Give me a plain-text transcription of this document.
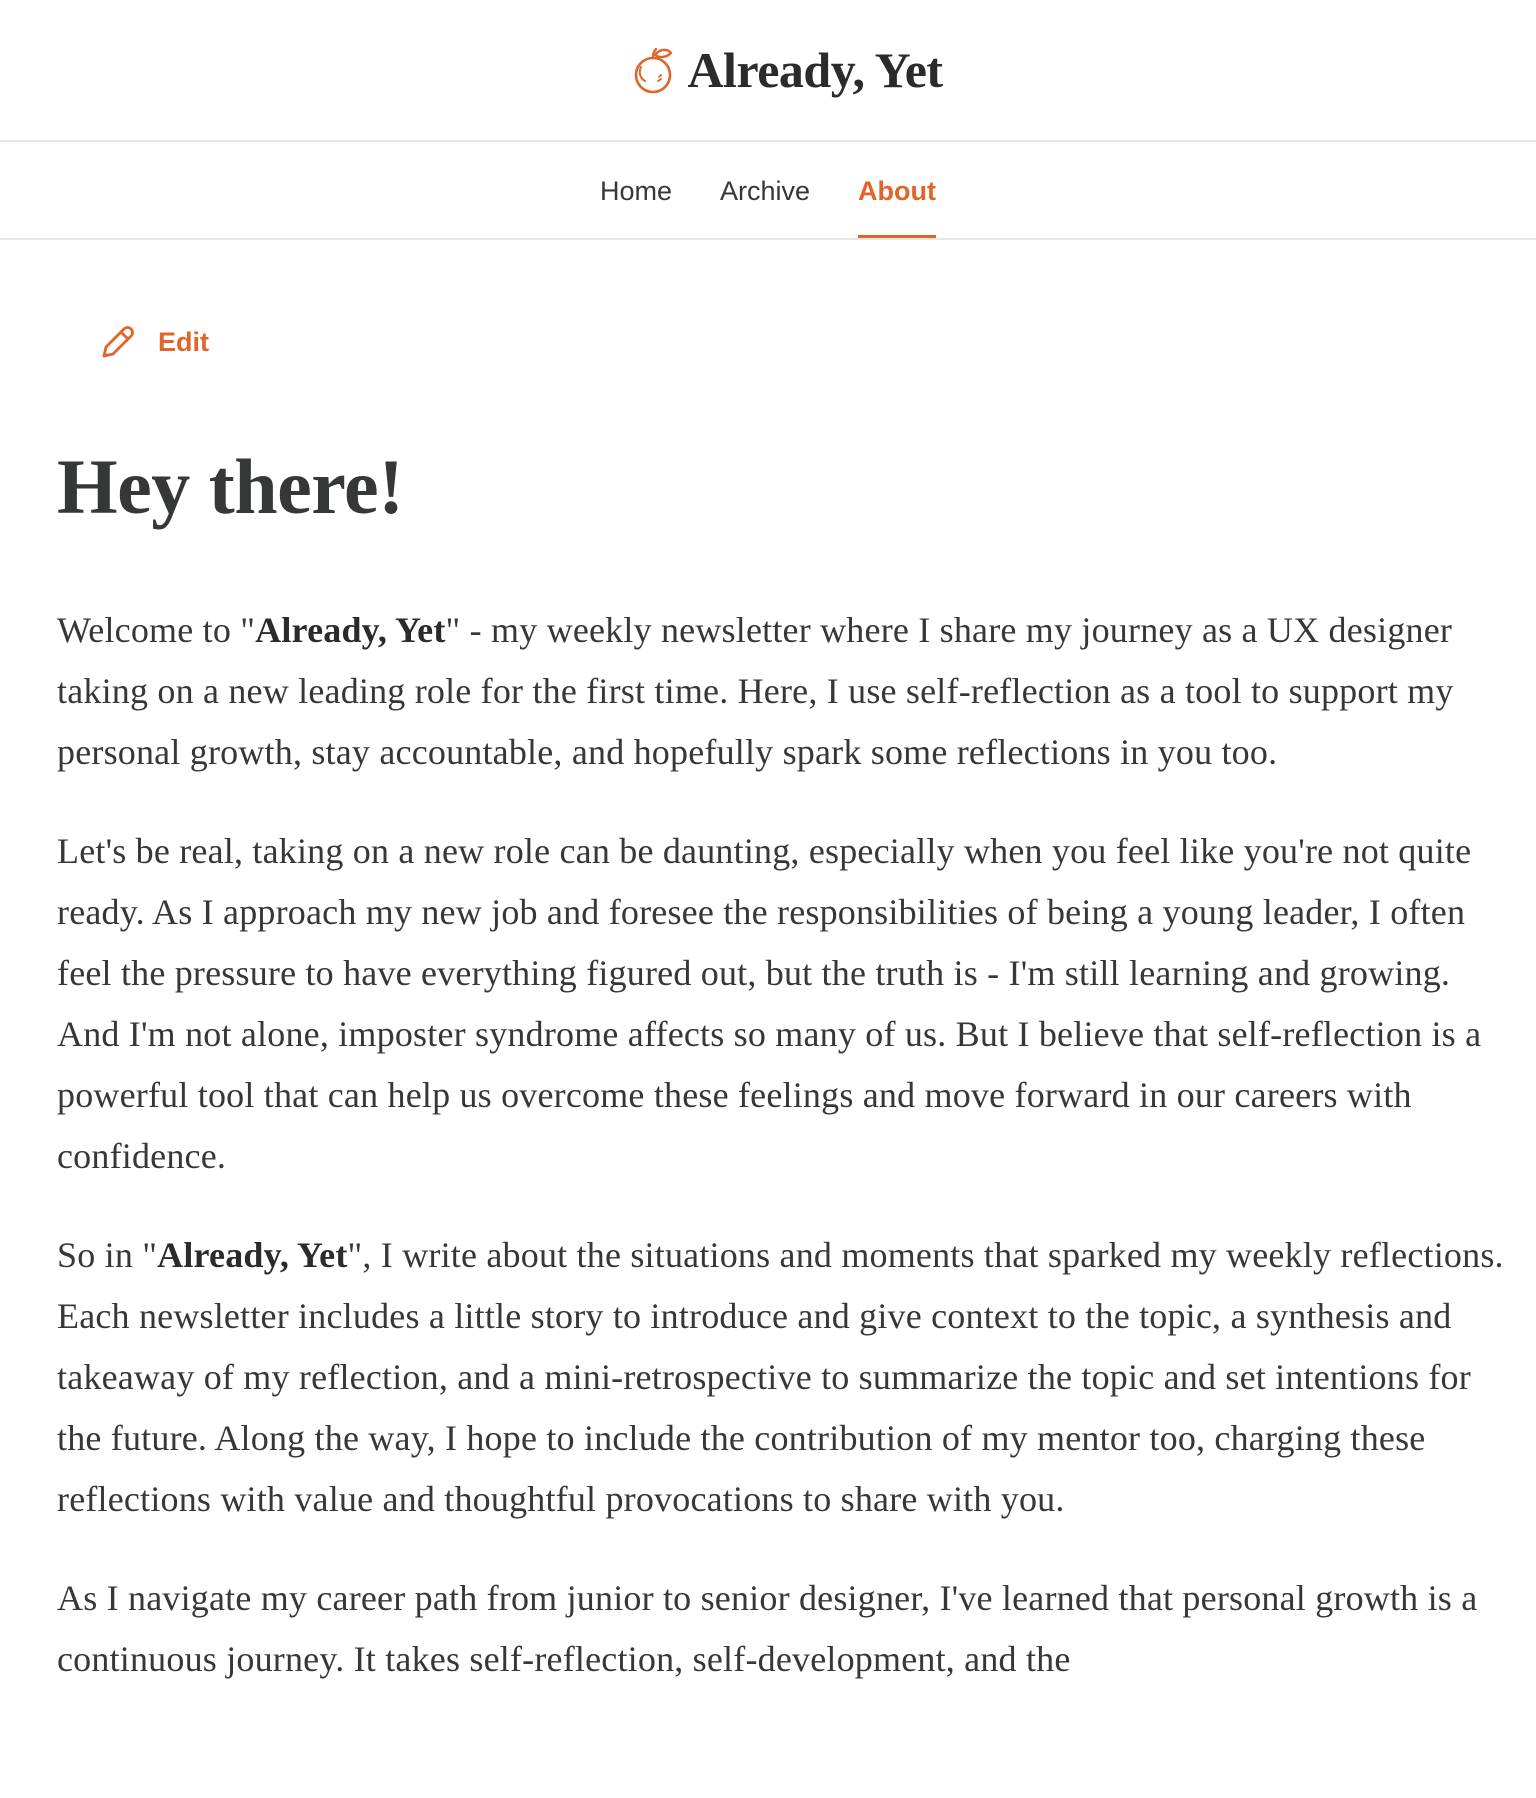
Already, Yet
Home Archive About
Edit
Hey there!

Welcome to "Already, Yet" - my weekly newsletter where I share my journey as a UX designer taking on a new leading role for the first time. Here, I use self-reflection as a tool to support my personal growth, stay accountable, and hopefully spark some reflections in you too.

Let's be real, taking on a new role can be daunting, especially when you feel like you're not quite ready. As I approach my new job and foresee the responsibilities of being a young leader, I often feel the pressure to have everything figured out, but the truth is - I'm still learning and growing. And I'm not alone, imposter syndrome affects so many of us. But I believe that self-reflection is a powerful tool that can help us overcome these feelings and move forward in our careers with confidence.

So in "Already, Yet", I write about the situations and moments that sparked my weekly reflections. Each newsletter includes a little story to introduce and give context to the topic, a synthesis and takeaway of my reflection, and a mini-retrospective to summarize the topic and set intentions for the future. Along the way, I hope to include the contribution of my mentor too, charging these reflections with value and thoughtful provocations to share with you.

As I navigate my career path from junior to senior designer, I've learned that personal growth is a continuous journey. It takes self-reflection, self-development, and the
